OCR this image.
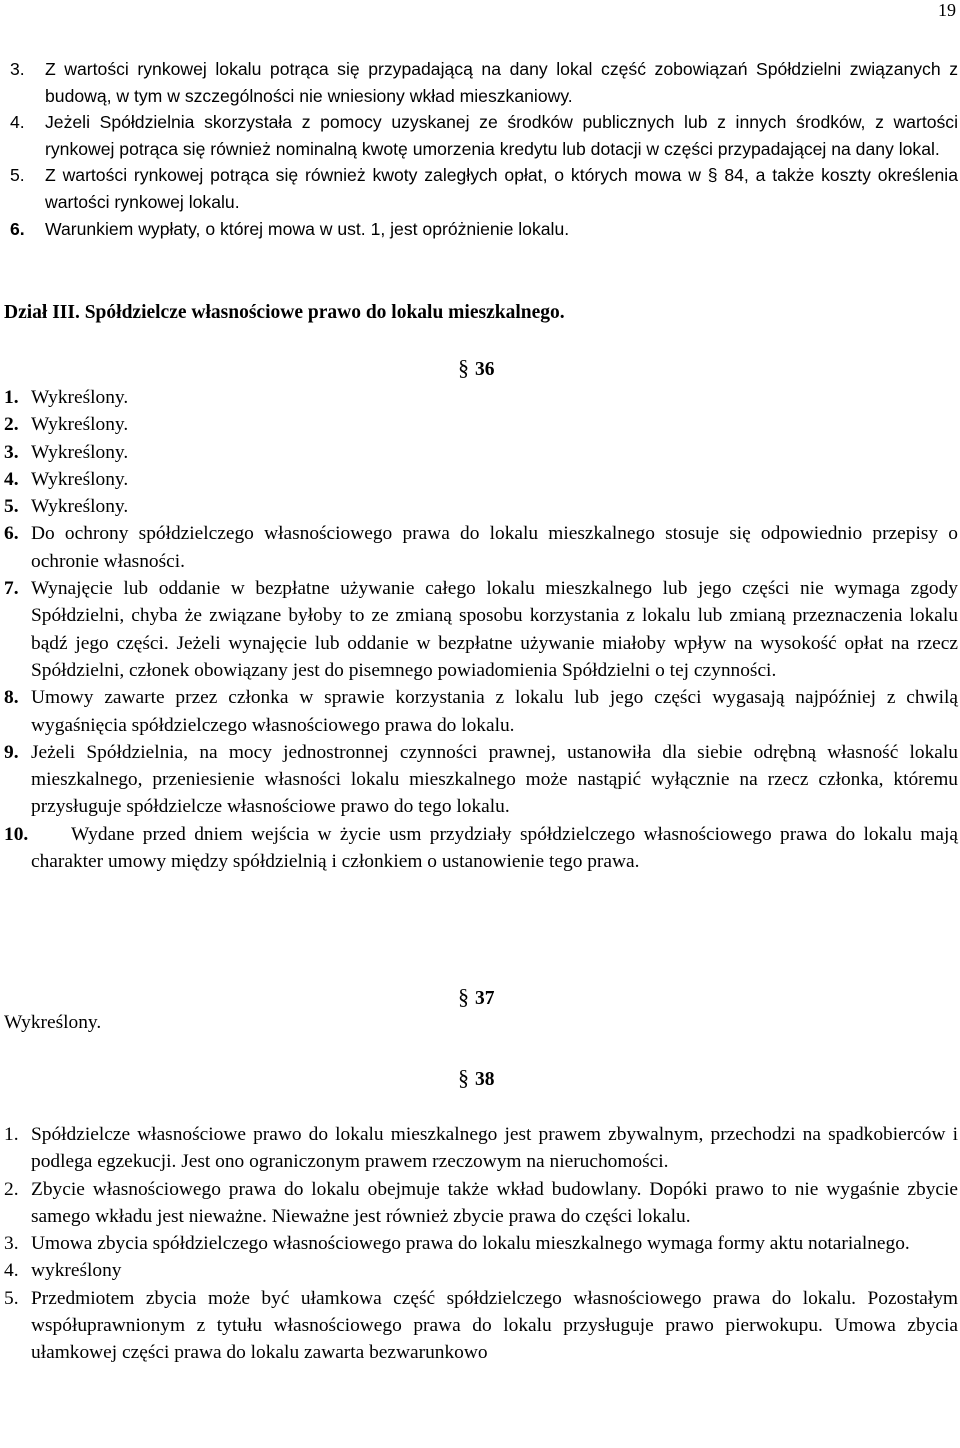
19
3. Z wartości rynkowej lokalu potrąca się przypadającą na dany lokal część zobowiązań Spółdzielni związanych z budową, w tym w szczególności nie wniesiony wkład mieszkaniowy.
4. Jeżeli Spółdzielnia skorzystała z pomocy uzyskanej ze środków publicznych lub z innych środków, z wartości rynkowej potrąca się również nominalną kwotę umorzenia kredytu lub dotacji w części przypadającej na dany lokal.
5. Z wartości rynkowej potrąca się również kwoty zaległych opłat, o których mowa w § 84, a także koszty określenia wartości rynkowej lokalu.
6. Warunkiem wypłaty, o której mowa w ust. 1, jest opróżnienie lokalu.
Dział III. Spółdzielcze własnościowe prawo do lokalu mieszkalnego.
§ 36
1. Wykreślony.
2. Wykreślony.
3. Wykreślony.
4. Wykreślony.
5. Wykreślony.
6. Do ochrony spółdzielczego własnościowego prawa do lokalu mieszkalnego stosuje się odpowiednio przepisy o ochronie własności.
7. Wynajęcie lub oddanie w bezpłatne używanie całego lokalu mieszkalnego lub jego części nie wymaga zgody Spółdzielni, chyba że związane byłoby to ze zmianą sposobu korzystania z lokalu lub zmianą przeznaczenia lokalu bądź jego części. Jeżeli wynajęcie lub oddanie w bezpłatne używanie miałoby wpływ na wysokość opłat na rzecz Spółdzielni, członek obowiązany jest do pisemnego powiadomienia Spółdzielni o tej czynności.
8. Umowy zawarte przez członka w sprawie korzystania z lokalu lub jego części wygasają najpóźniej z chwilą wygaśnięcia spółdzielczego własnościowego prawa do lokalu.
9. Jeżeli Spółdzielnia, na mocy jednostronnej czynności prawnej, ustanowiła dla siebie odrębną własność lokalu mieszkalnego, przeniesienie własności lokalu mieszkalnego może nastąpić wyłącznie na rzecz członka, któremu przysługuje spółdzielcze własnościowe prawo do tego lokalu.
10.	Wydane przed dniem wejścia w życie usm przydziały spółdzielczego własnościowego prawa do lokalu mają charakter umowy między spółdzielnią i członkiem o ustanowienie tego prawa.
§ 37
Wykreślony.
§ 38
1. Spółdzielcze własnościowe prawo do lokalu mieszkalnego jest prawem zbywalnym, przechodzi na spadkobierców i podlega egzekucji. Jest ono ograniczonym prawem rzeczowym na nieruchomości.
2. Zbycie własnościowego prawa do lokalu obejmuje także wkład budowlany. Dopóki prawo to nie wygaśnie zbycie samego wkładu jest nieważne. Nieważne jest również zbycie prawa do części lokalu.
3. Umowa zbycia spółdzielczego własnościowego prawa do lokalu mieszkalnego wymaga formy aktu notarialnego.
4. wykreślony
5. Przedmiotem zbycia może być ułamkowa część spółdzielczego własnościowego prawa do lokalu. Pozostałym współuprawnionym z tytułu własnościowego prawa do lokalu przysługuje prawo pierwokupu. Umowa zbycia ułamkowej części prawa do lokalu zawarta bezwarunkowo
